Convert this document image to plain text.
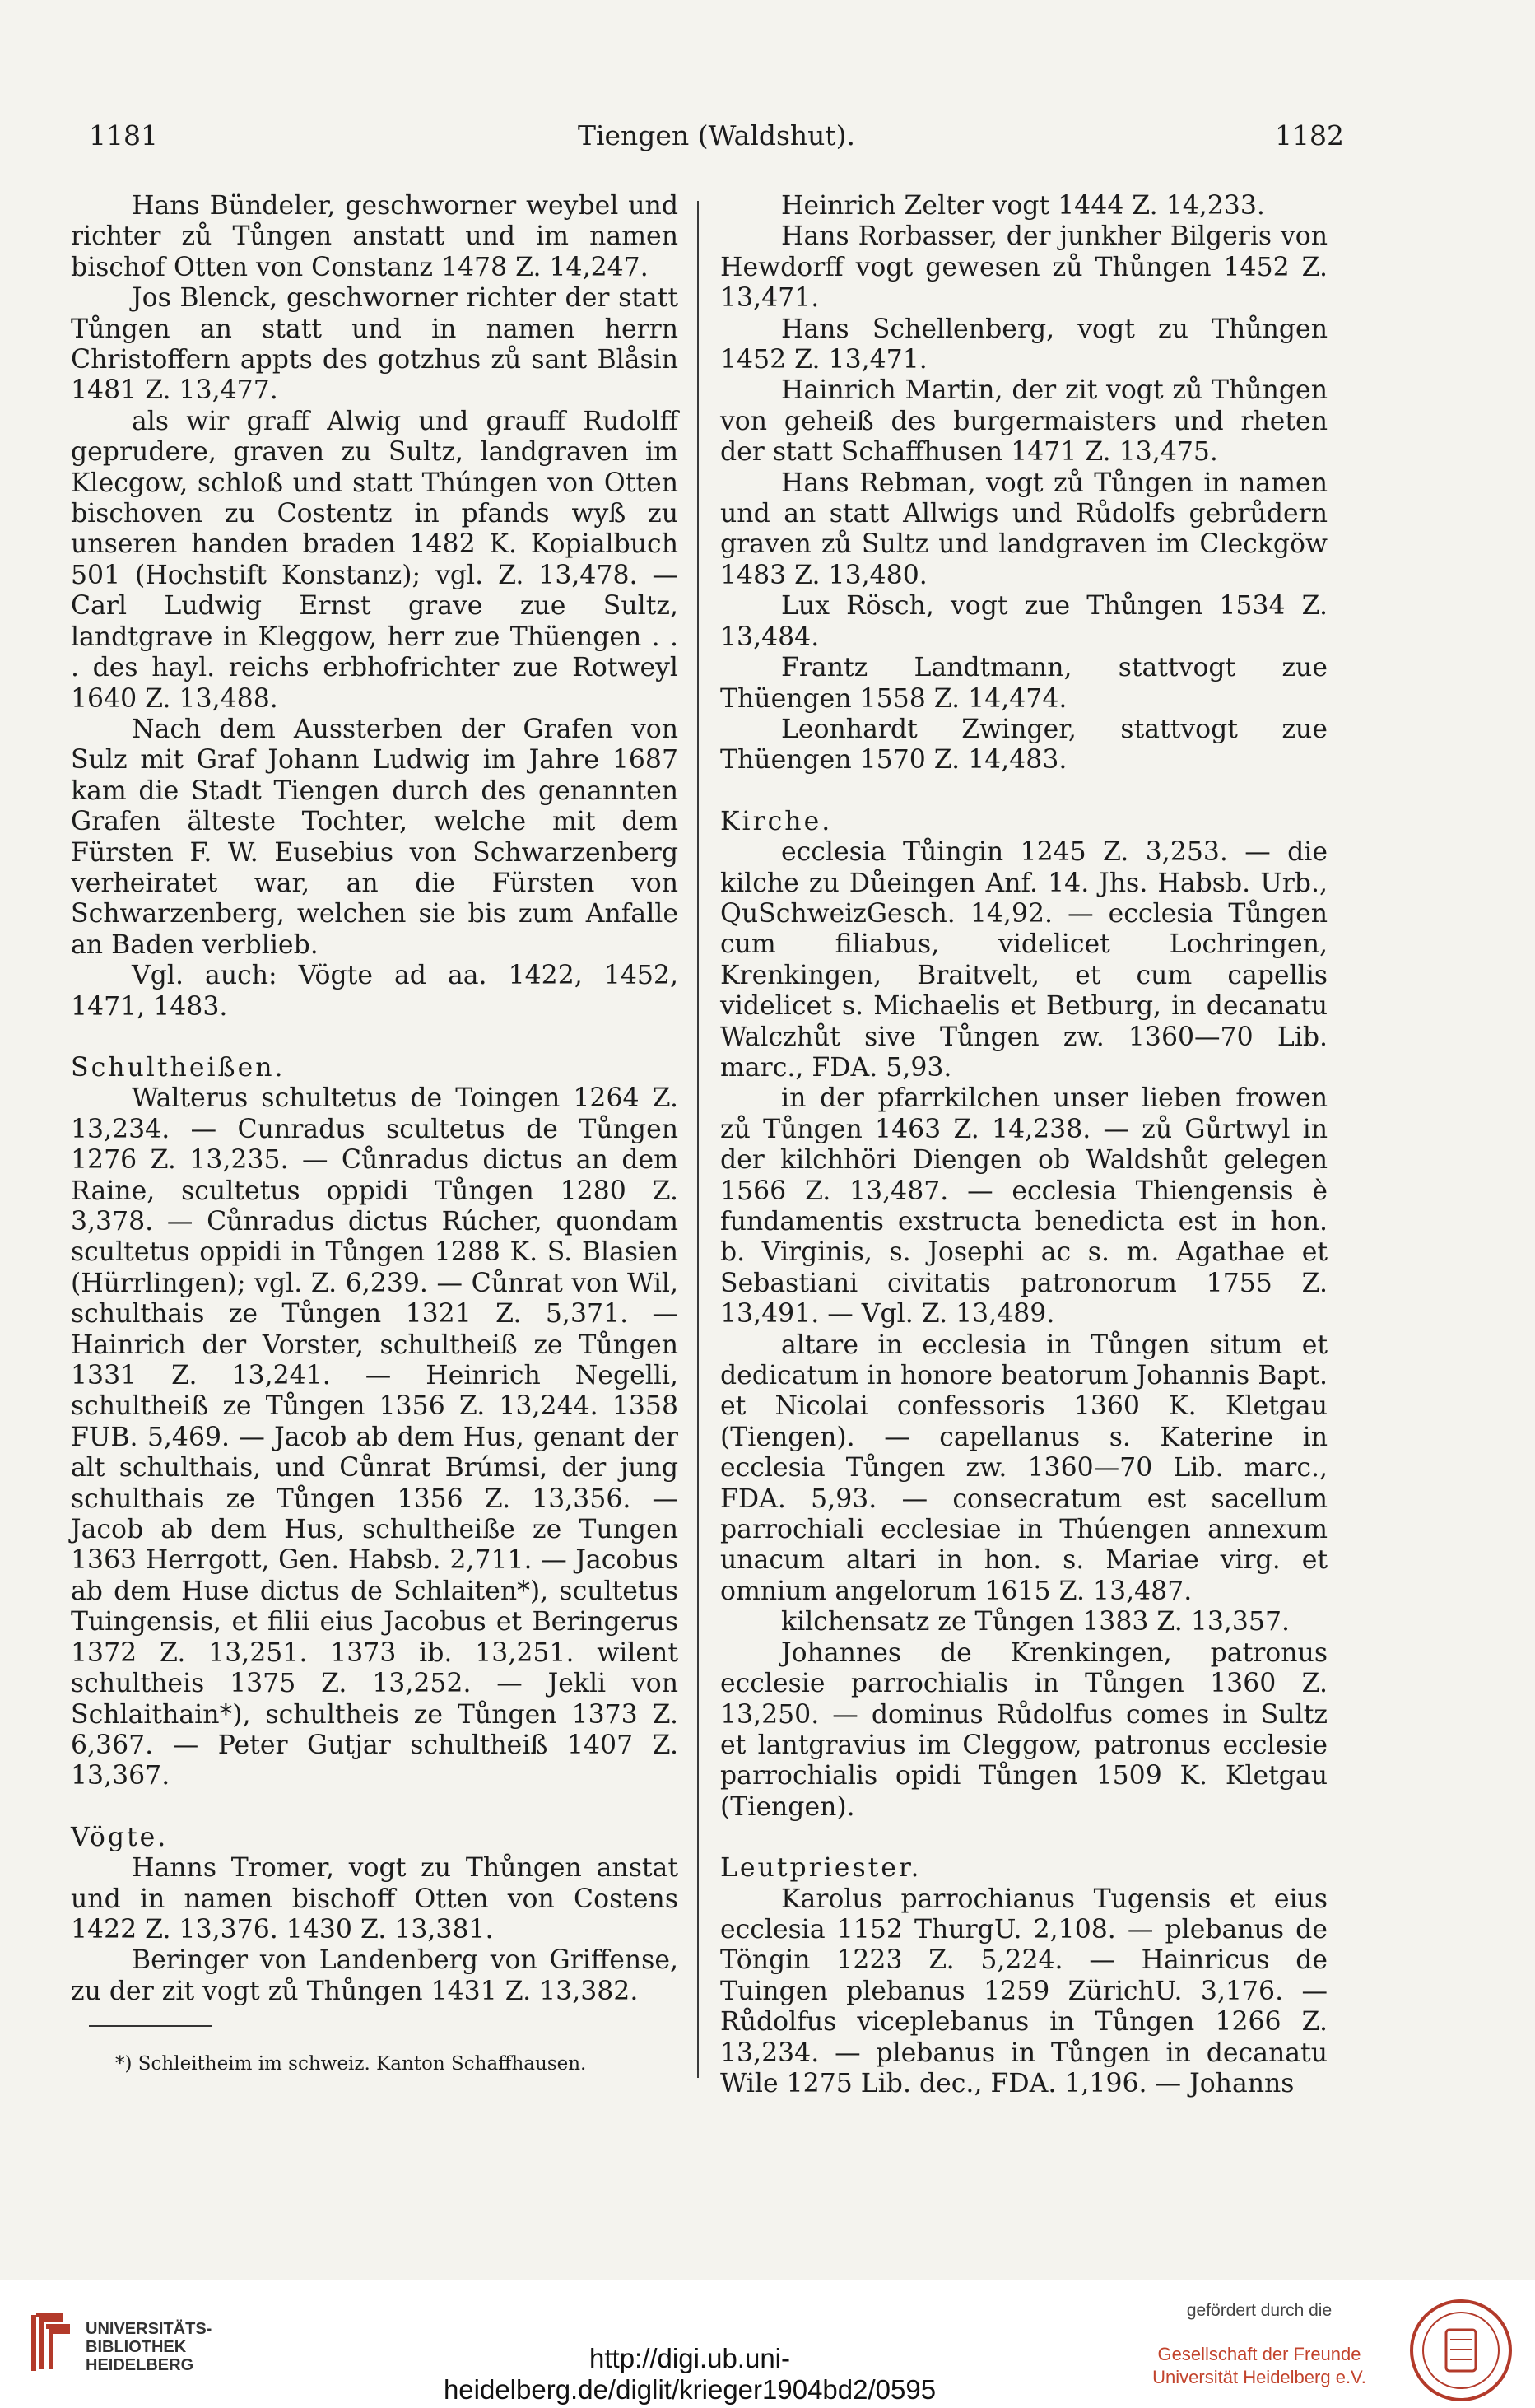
1181	Tiengen (Waldshut).	1182

Hans Bündeler, geschworner weybel und richter zů Tůngen anstatt und im namen bischof Otten von Constanz 1478 Z. 14,247.

Jos Blenck, geschworner richter der statt Tůngen an statt und in namen herrn Christoffern appts des gotzhus zů sant Blåsin 1481 Z. 13,477.

als wir graff Alwig und grauff Rudolff geprudere, graven zu Sultz, landgraven im Klecgow, schloß und statt Thúngen von Otten bischoven zu Costentz in pfands wyß zu unseren handen braden 1482 K. Kopialbuch 501 (Hochstift Konstanz); vgl. Z. 13,478. — Carl Ludwig Ernst grave zue Sultz, landtgrave in Kleggow, herr zue Thüengen . . . des hayl. reichs erbhofrichter zue Rotweyl 1640 Z. 13,488.

Nach dem Aussterben der Grafen von Sulz mit Graf Johann Ludwig im Jahre 1687 kam die Stadt Tiengen durch des genannten Grafen älteste Tochter, welche mit dem Fürsten F. W. Eusebius von Schwarzenberg verheiratet war, an die Fürsten von Schwarzenberg, welchen sie bis zum Anfalle an Baden verblieb.

Vgl. auch: Vögte ad aa. 1422, 1452, 1471, 1483.

Schultheißen.

Walterus schultetus de Toingen 1264 Z. 13,234. — Cunradus scultetus de Tůngen 1276 Z. 13,235. — Cůnradus dictus an dem Raine, scultetus oppidi Tůngen 1280 Z. 3,378. — Cůnradus dictus Rúcher, quondam scultetus oppidi in Tůngen 1288 K. S. Blasien (Hürrlingen); vgl. Z. 6,239. — Cůnrat von Wil, schulthais ze Tůngen 1321 Z. 5,371. — Hainrich der Vorster, schultheiß ze Tůngen 1331 Z. 13,241. — Heinrich Negelli, schultheiß ze Tůngen 1356 Z. 13,244. 1358 FUB. 5,469. — Jacob ab dem Hus, genant der alt schulthais, und Cůnrat Brúmsi, der jung schulthais ze Tůngen 1356 Z. 13,356. — Jacob ab dem Hus, schultheiße ze Tungen 1363 Herrgott, Gen. Habsb. 2,711. — Jacobus ab dem Huse dictus de Schlaiten*), scultetus Tuingensis, et filii eius Jacobus et Beringerus 1372 Z. 13,251. 1373 ib. 13,251. wilent schultheis 1375 Z. 13,252. — Jekli von Schlaithain*), schultheis ze Tůngen 1373 Z. 6,367. — Peter Gutjar schultheiß 1407 Z. 13,367.

Vögte.

Hanns Tromer, vogt zu Thůngen anstat und in namen bischoff Otten von Costens 1422 Z. 13,376. 1430 Z. 13,381.

Beringer von Landenberg von Griffense, zu der zit vogt zů Thůngen 1431 Z. 13,382.

Heinrich Zelter vogt 1444 Z. 14,233.

Hans Rorbasser, der junkher Bilgeris von Hewdorff vogt gewesen zů Thůngen 1452 Z. 13,471.

Hans Schellenberg, vogt zu Thůngen 1452 Z. 13,471.

Hainrich Martin, der zit vogt zů Thůngen von geheiß des burgermaisters und rheten der statt Schaffhusen 1471 Z. 13,475.

Hans Rebman, vogt zů Tůngen in namen und an statt Allwigs und Růdolfs gebrůdern graven zů Sultz und landgraven im Cleckgöw 1483 Z. 13,480.

Lux Rösch, vogt zue Thůngen 1534 Z. 13,484.

Frantz Landtmann, stattvogt zue Thüengen 1558 Z. 14,474.

Leonhardt Zwinger, stattvogt zue Thüengen 1570 Z. 14,483.

Kirche.

ecclesia Tůingin 1245 Z. 3,253. — die kilche zu Důeingen Anf. 14. Jhs. Habsb. Urb., QuSchweizGesch. 14,92. — ecclesia Tůngen cum filiabus, videlicet Lochringen, Krenkingen, Braitvelt, et cum capellis videlicet s. Michaelis et Betburg, in decanatu Walczhůt sive Tůngen zw. 1360—70 Lib. marc., FDA. 5,93.

in der pfarrkilchen unser lieben frowen zů Tůngen 1463 Z. 14,238. — zů Gůrtwyl in der kilchhöri Diengen ob Waldshůt gelegen 1566 Z. 13,487. — ecclesia Thiengensis è fundamentis exstructa benedicta est in hon. b. Virginis, s. Josephi ac s. m. Agathae et Sebastiani civitatis patronorum 1755 Z. 13,491. — Vgl. Z. 13,489.

altare in ecclesia in Tůngen situm et dedicatum in honore beatorum Johannis Bapt. et Nicolai confessoris 1360 K. Kletgau (Tiengen). — capellanus s. Katerine in ecclesia Tůngen zw. 1360—70 Lib. marc., FDA. 5,93. — consecratum est sacellum parrochiali ecclesiae in Thúengen annexum unacum altari in hon. s. Mariae virg. et omnium angelorum 1615 Z. 13,487.

kilchensatz ze Tůngen 1383 Z. 13,357.

Johannes de Krenkingen, patronus ecclesie parrochialis in Tůngen 1360 Z. 13,250. — dominus Růdolfus comes in Sultz et lantgravius im Cleggow, patronus ecclesie parrochialis opidi Tůngen 1509 K. Kletgau (Tiengen).

Leutpriester.

Karolus parrochianus Tugensis et eius ecclesia 1152 ThurgU. 2,108. — plebanus de Töngin 1223 Z. 5,224. — Hainricus de Tuingen plebanus 1259 ZürichU. 3,176. — Růdolfus viceplebanus in Tůngen 1266 Z. 13,234. — plebanus in Tůngen in decanatu Wile 1275 Lib. dec., FDA. 1,196. — Johanns

*) Schleitheim im schweiz. Kanton Schaffhausen.
UNIVERSITÄTS-
BIBLIOTHEK
HEIDELBERG	http://digi.ub.uni-heidelberg.de/diglit/krieger1904bd2/0595
gefördert durch die
Gesellschaft der Freunde
Universität Heidelberg e.V.
